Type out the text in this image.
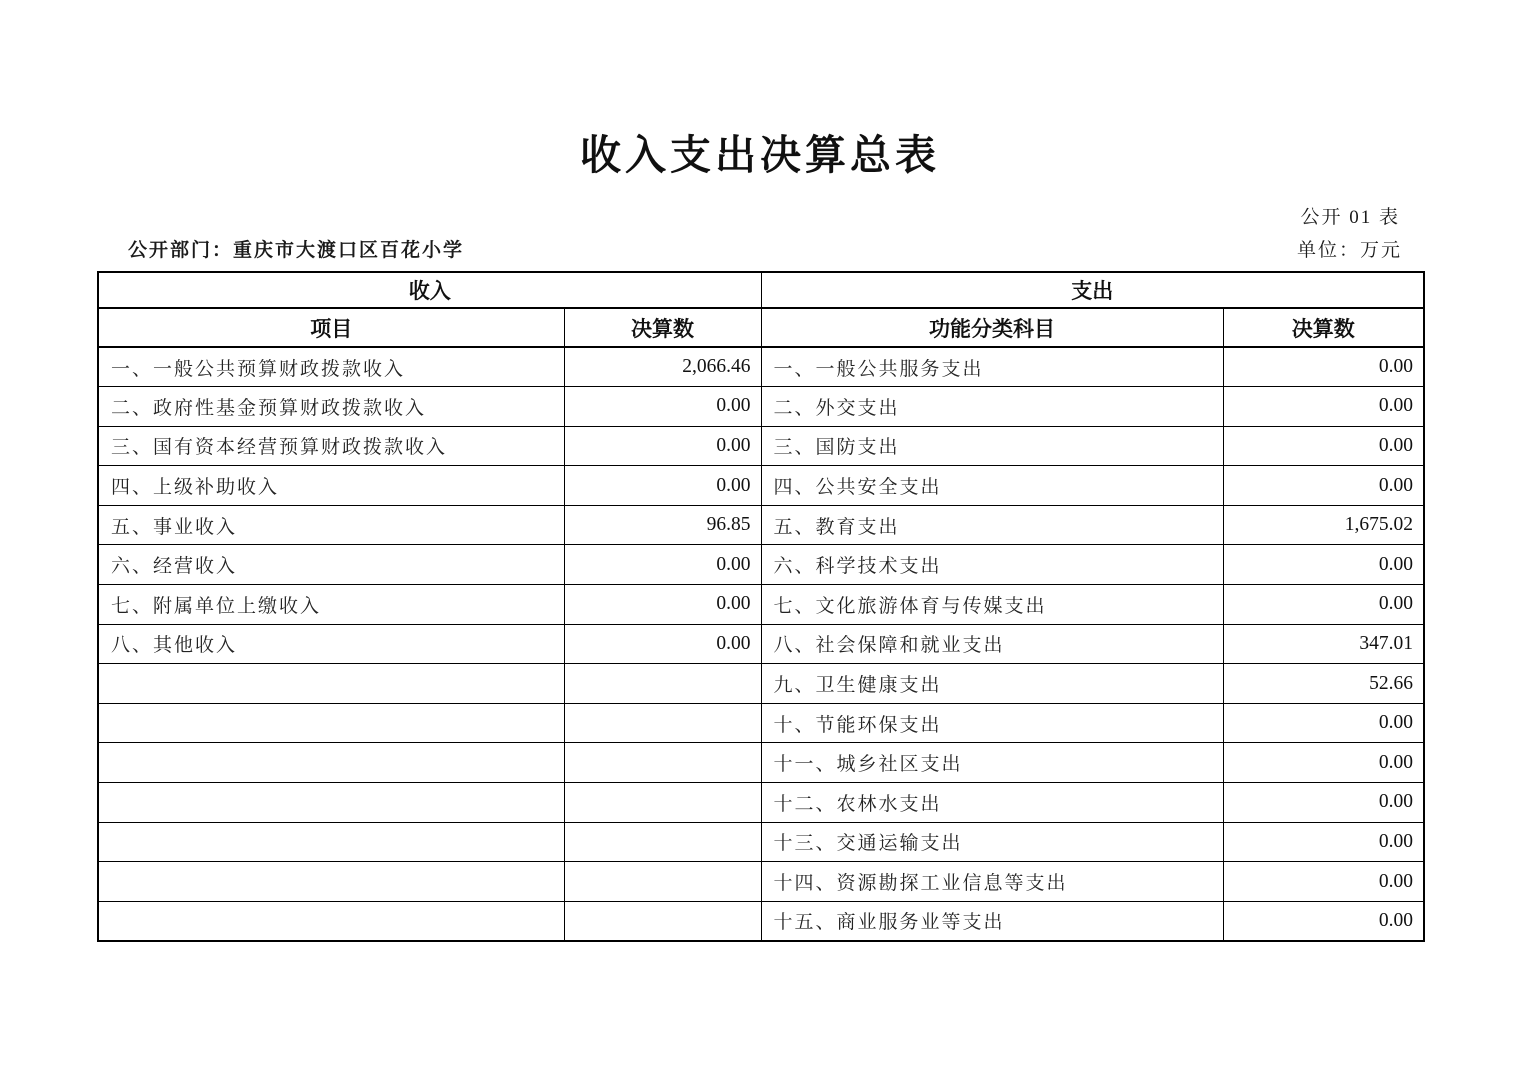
收入支出决算总表
公开 01 表
公开部门：重庆市大渡口区百花小学	单位：万元
收入		支出	
项目	决算数	功能分类科目	决算数
一、一般公共预算财政拨款收入	2,066.46	一、一般公共服务支出	0.00
二、政府性基金预算财政拨款收入	0.00	二、外交支出	0.00
三、国有资本经营预算财政拨款收入	0.00	三、国防支出	0.00
四、上级补助收入	0.00	四、公共安全支出	0.00
五、事业收入	96.85	五、教育支出	1,675.02
六、经营收入	0.00	六、科学技术支出	0.00
七、附属单位上缴收入	0.00	七、文化旅游体育与传媒支出	0.00
八、其他收入	0.00	八、社会保障和就业支出	347.01
		九、卫生健康支出	52.66
		十、节能环保支出	0.00
		十一、城乡社区支出	0.00
		十二、农林水支出	0.00
		十三、交通运输支出	0.00
		十四、资源勘探工业信息等支出	0.00
		十五、商业服务业等支出	0.00
